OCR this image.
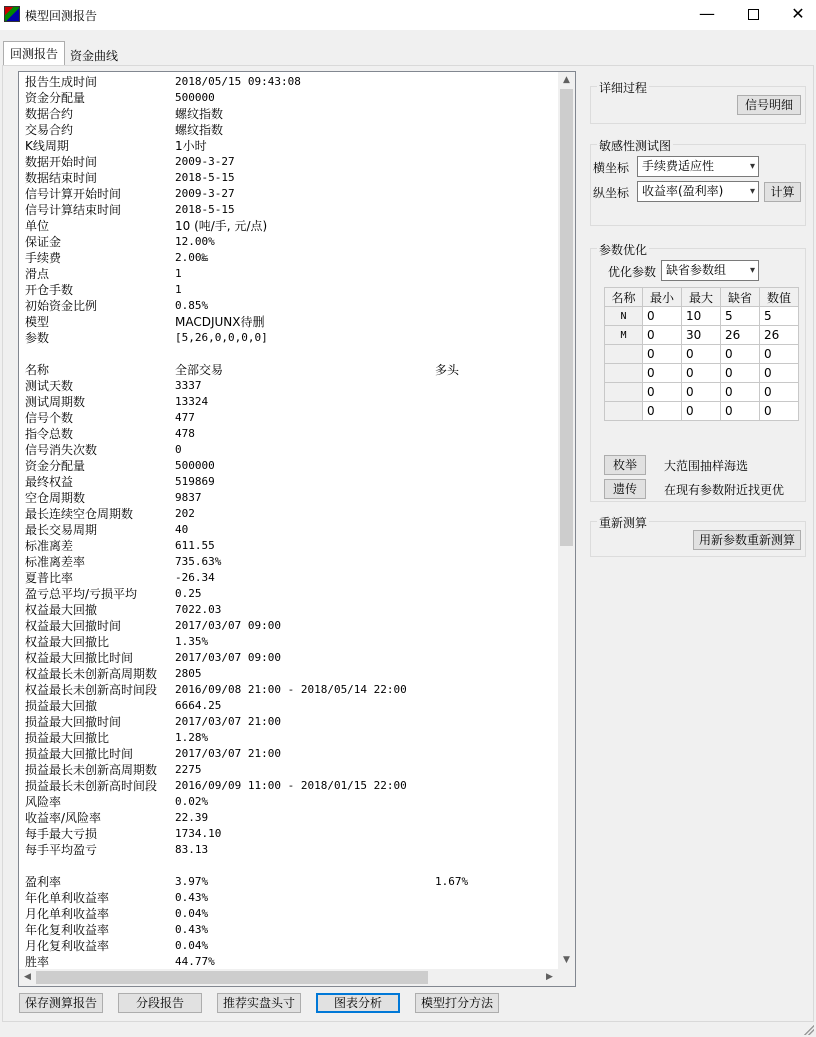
模型回测报告	—	✕
回测报告 资金曲线
报告生成时间	2018/05/15 09:43:08
资金分配量	500000
数据合约	螺纹指数
交易合约	螺纹指数
K线周期	1小时
数据开始时间	2009-3-27
数据结束时间	2018-5-15
信号计算开始时间	2009-3-27
信号计算结束时间	2018-5-15
单位	10 (吨/手, 元/点)
保证金	12.00%
手续费	2.00‱
滑点	1
开仓手数	1
初始资金比例	0.85%
模型	MACDJUNX待删
参数	[5,26,0,0,0,0]
名称	全部交易	多头
测试天数	3337
测试周期数	13324
信号个数	477
指令总数	478
信号消失次数	0
资金分配量	500000
最终权益	519869
空仓周期数	9837
最长连续空仓周期数	202
最长交易周期	40
标准离差	611.55
标准离差率	735.63%
夏普比率	-26.34
盈亏总平均/亏损平均	0.25
权益最大回撤	7022.03
权益最大回撤时间	2017/03/07 09:00
权益最大回撤比	1.35%
权益最大回撤比时间	2017/03/07 09:00
权益最长未创新高周期数 2805
权益最长未创新高时间段 2016/09/08 21:00 - 2018/05/14 22:00
损益最大回撤	6664.25
损益最大回撤时间	2017/03/07 21:00
损益最大回撤比	1.28%
损益最大回撤比时间	2017/03/07 21:00
损益最长未创新高周期数 2275
损益最长未创新高时间段 2016/09/09 11:00 - 2018/01/15 22:00
风险率	0.02%
收益率/风险率	22.39
每手最大亏损	1734.10
每手平均盈亏	83.13
盈利率	3.97%	1.67%
年化单利收益率	0.43%
月化单利收益率	0.04%
年化复利收益率	0.43%
月化复利收益率	0.04%
胜率	44.77%
▲
▼
◀	▶
保存测算报告	分段报告	推荐实盘头寸	图表分析	模型打分方法
详细过程
信号明细
敏感性测试图
横坐标	手续费适应性	▾
纵坐标	收益率(盈利率)	▾	计算
参数优化
优化参数 缺省参数组 ▾
名称	最小	最大	缺省	数值
N	0	10	5	5
M	0	30	26	26
	0	0	0	0
	0	0	0	0
	0	0	0	0
	0	0	0	0
枚举	大范围抽样海选
遗传	在现有参数附近找更优
重新测算
用新参数重新测算
